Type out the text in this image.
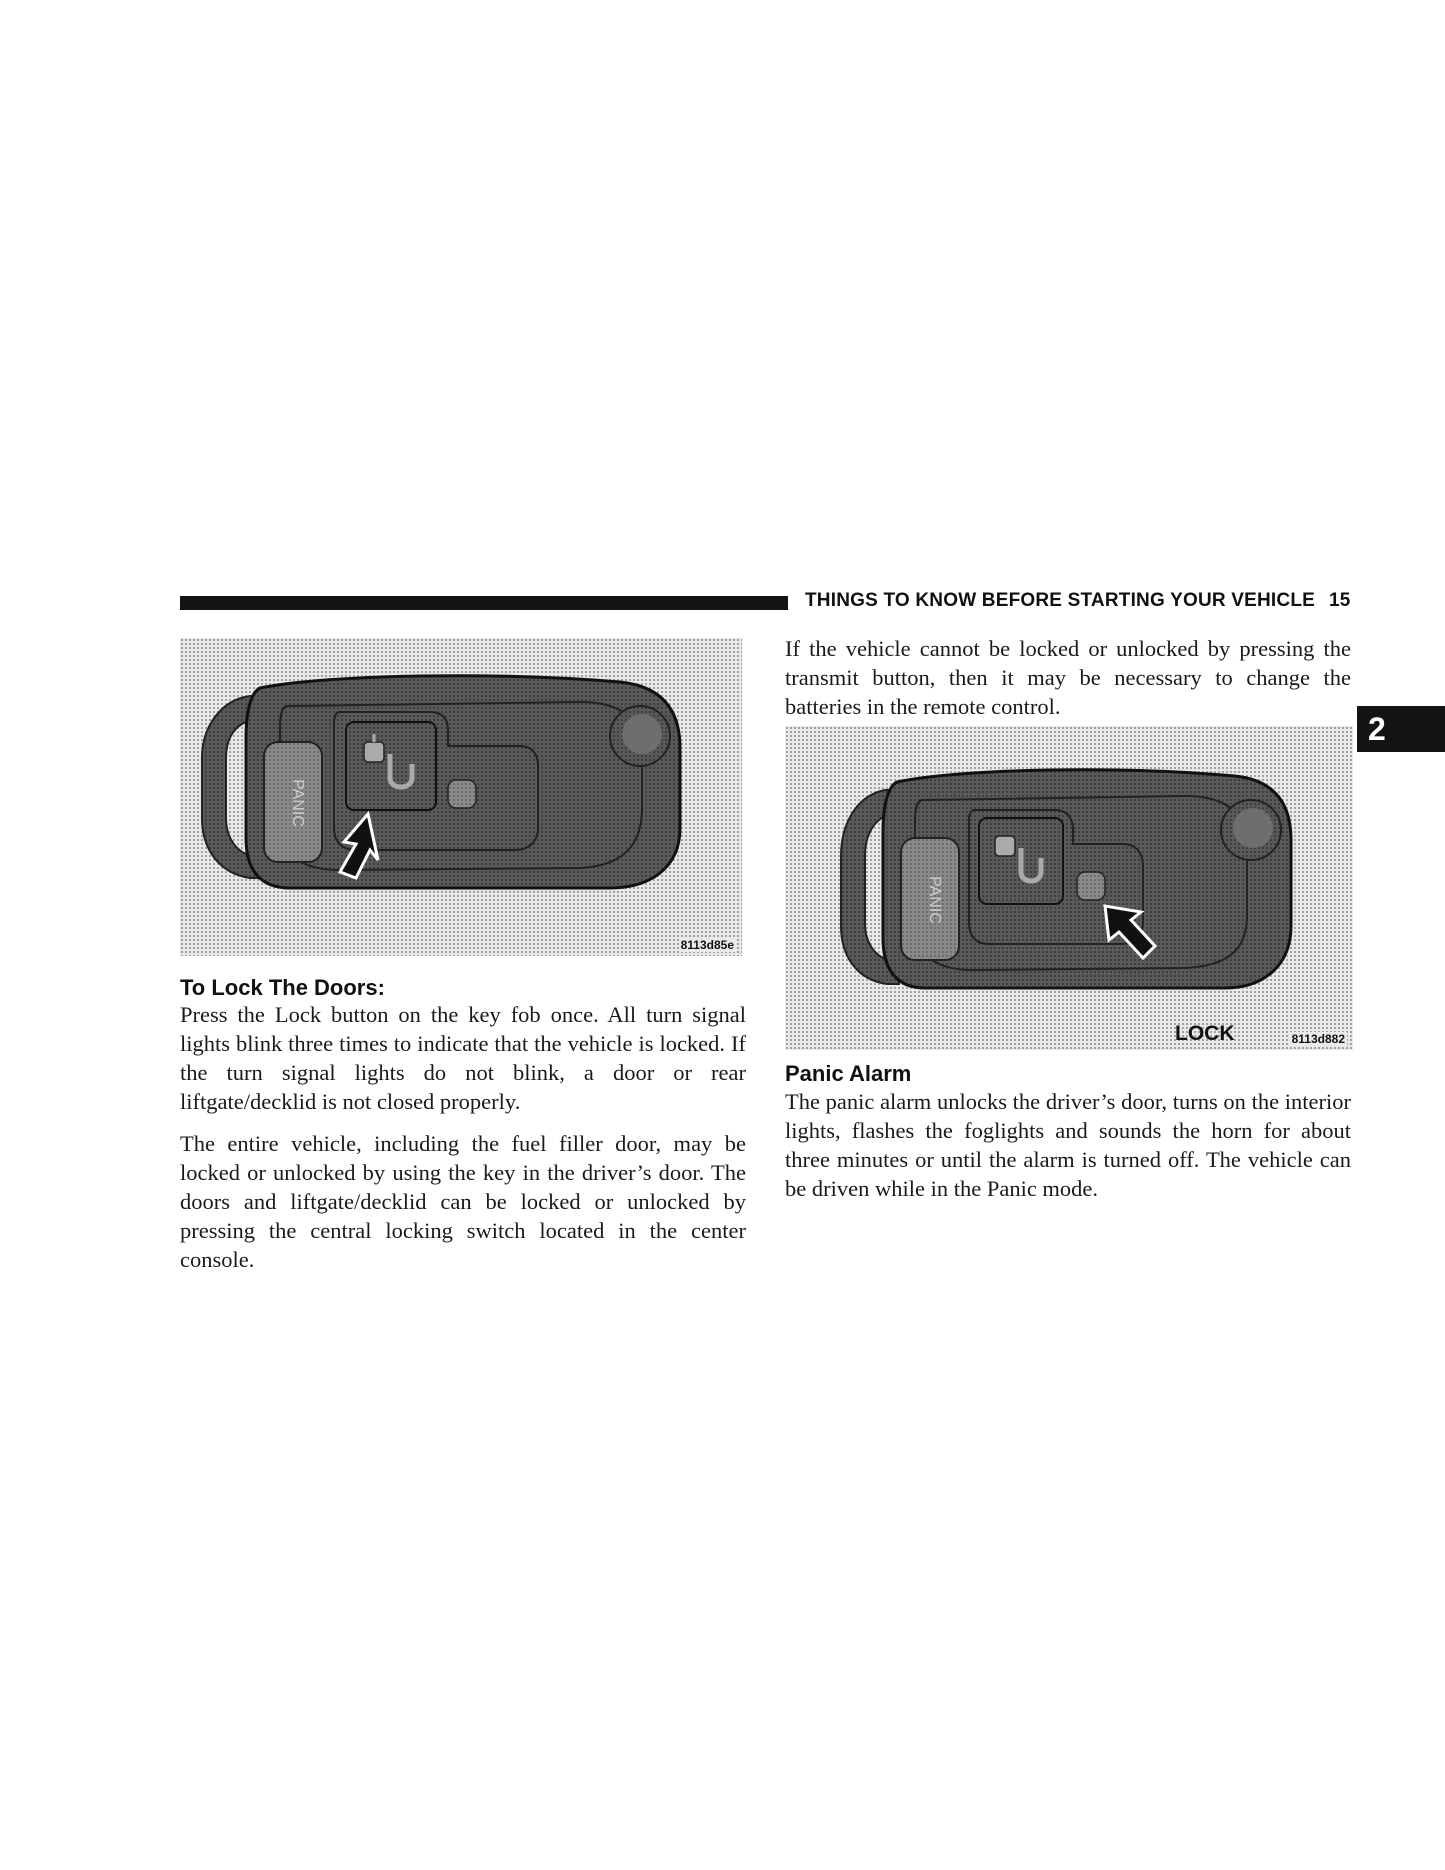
THINGS TO KNOW BEFORE STARTING YOUR VEHICLE 15
2
PANIC
8113d85e
To Lock The Doors:

Press the Lock button on the key fob once. All turn signal lights blink three times to indicate that the vehicle is locked. If the turn signal lights do not blink, a door or rear liftgate/decklid is not closed properly.

The entire vehicle, including the fuel filler door, may be locked or unlocked by using the key in the driver’s door. The doors and liftgate/decklid can be locked or unlocked by pressing the central locking switch located in the center console.

If the vehicle cannot be locked or unlocked by pressing the transmit button, then it may be necessary to change the batteries in the remote control.

PANIC
LOCK	8113d882
Panic Alarm

The panic alarm unlocks the driver’s door, turns on the interior lights, flashes the foglights and sounds the horn for about three minutes or until the alarm is turned off. The vehicle can be driven while in the Panic mode.
